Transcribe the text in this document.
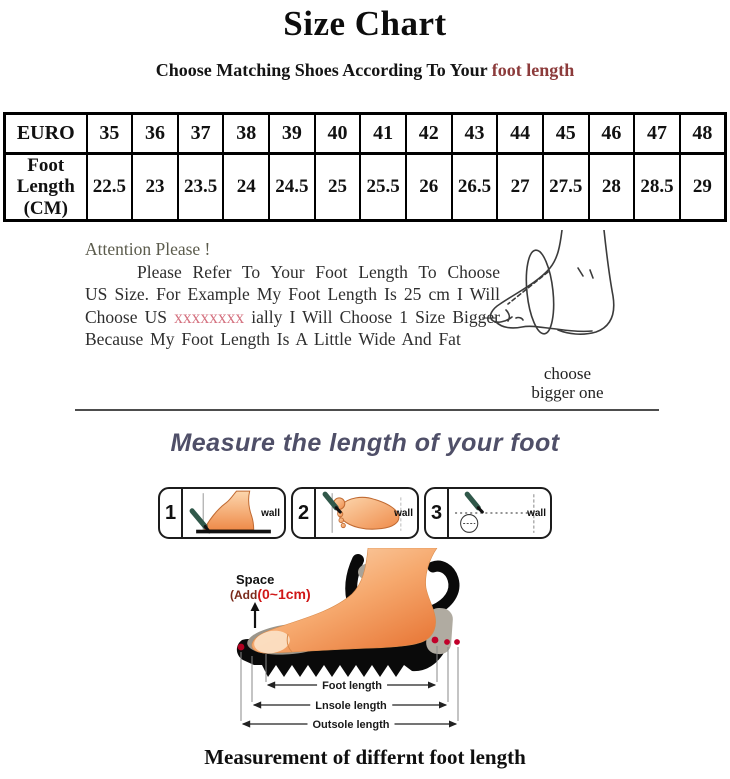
Size Chart
Choose Matching Shoes According To Your foot length
EURO	35	36	37	38	39	40	41	42	43	44	45	46	47	48
Foot Length (CM)	22.5	23	23.5	24	24.5	25	25.5	26	26.5	27	27.5	28	28.5	29
Attention Please !

Please Refer To Your Foot Length To Choose US Size. For Example My Foot Length Is 25 cm I Will Choose US xxxxxxxx ially I Will Choose 1 Size Bigger Because My Foot Length Is A Little Wide And Fat

choose
bigger one
Measure the length of your foot
1	wall 2	wall 3	wall
Space
(Add(0~1cm)
Foot length
Lnsole length
Outsole length
Measurement of differnt foot length
